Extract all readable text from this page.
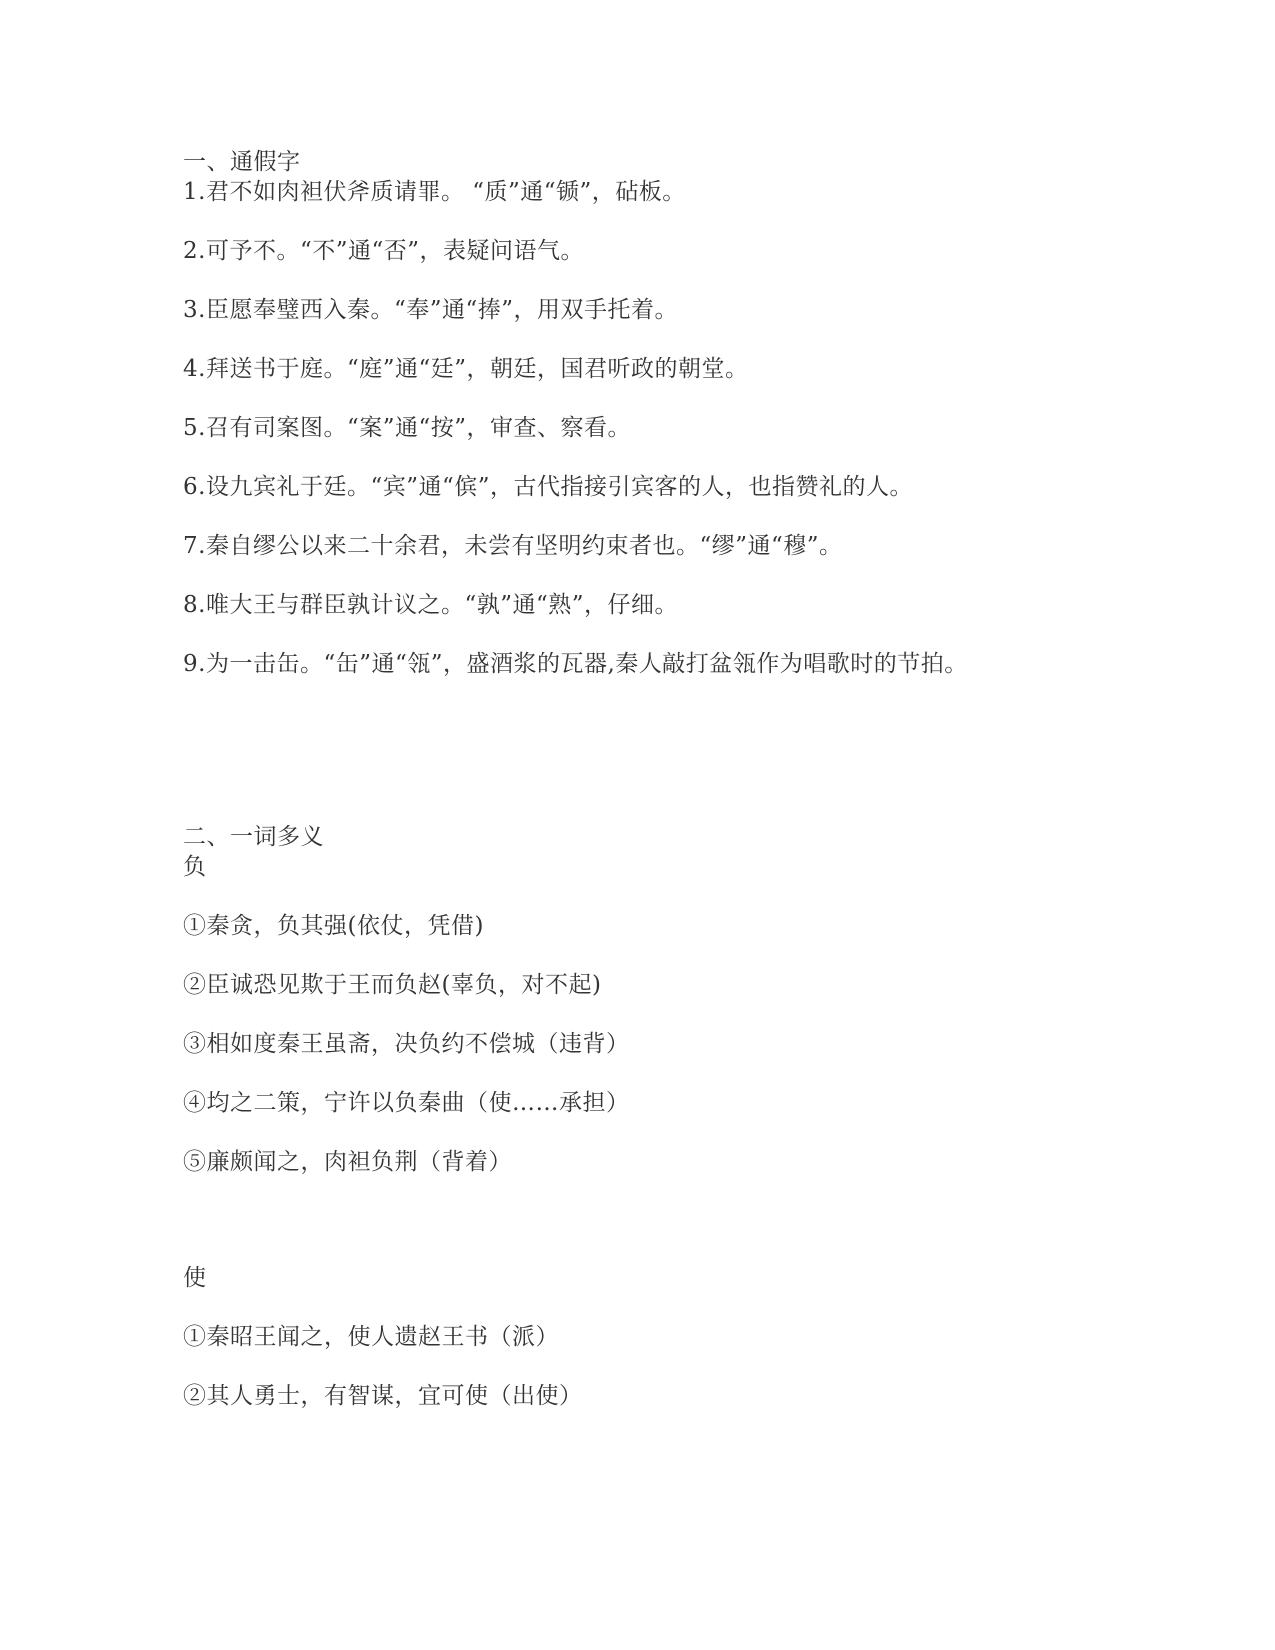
一、通假字
1.君不如肉袒伏斧质请罪。 “质”通“锧”，砧板。
2.可予不。“不”通“否”，表疑问语气。
3.臣愿奉璧西入秦。“奉”通“捧”，用双手托着。
4.拜送书于庭。“庭”通“廷”，朝廷，国君听政的朝堂。
5.召有司案图。“案”通“按”，审查、察看。
6.设九宾礼于廷。“宾”通“傧”，古代指接引宾客的人，也指赞礼的人。
7.秦自缪公以来二十余君，未尝有坚明约束者也。“缪”通“穆”。
8.唯大王与群臣孰计议之。“孰”通“熟”，仔细。
9.为一击缶。“缶”通“瓴”，盛酒浆的瓦器,秦人敲打盆瓴作为唱歌时的节拍。
二、一词多义
负
①秦贪，负其强(依仗，凭借)
②臣诚恐见欺于王而负赵(辜负，对不起)
③相如度秦王虽斋，决负约不偿城（违背）
④均之二策，宁许以负秦曲（使……承担）
⑤廉颇闻之，肉袒负荆（背着）
使
①秦昭王闻之，使人遗赵王书（派）
②其人勇士，有智谋，宜可使（出使）
